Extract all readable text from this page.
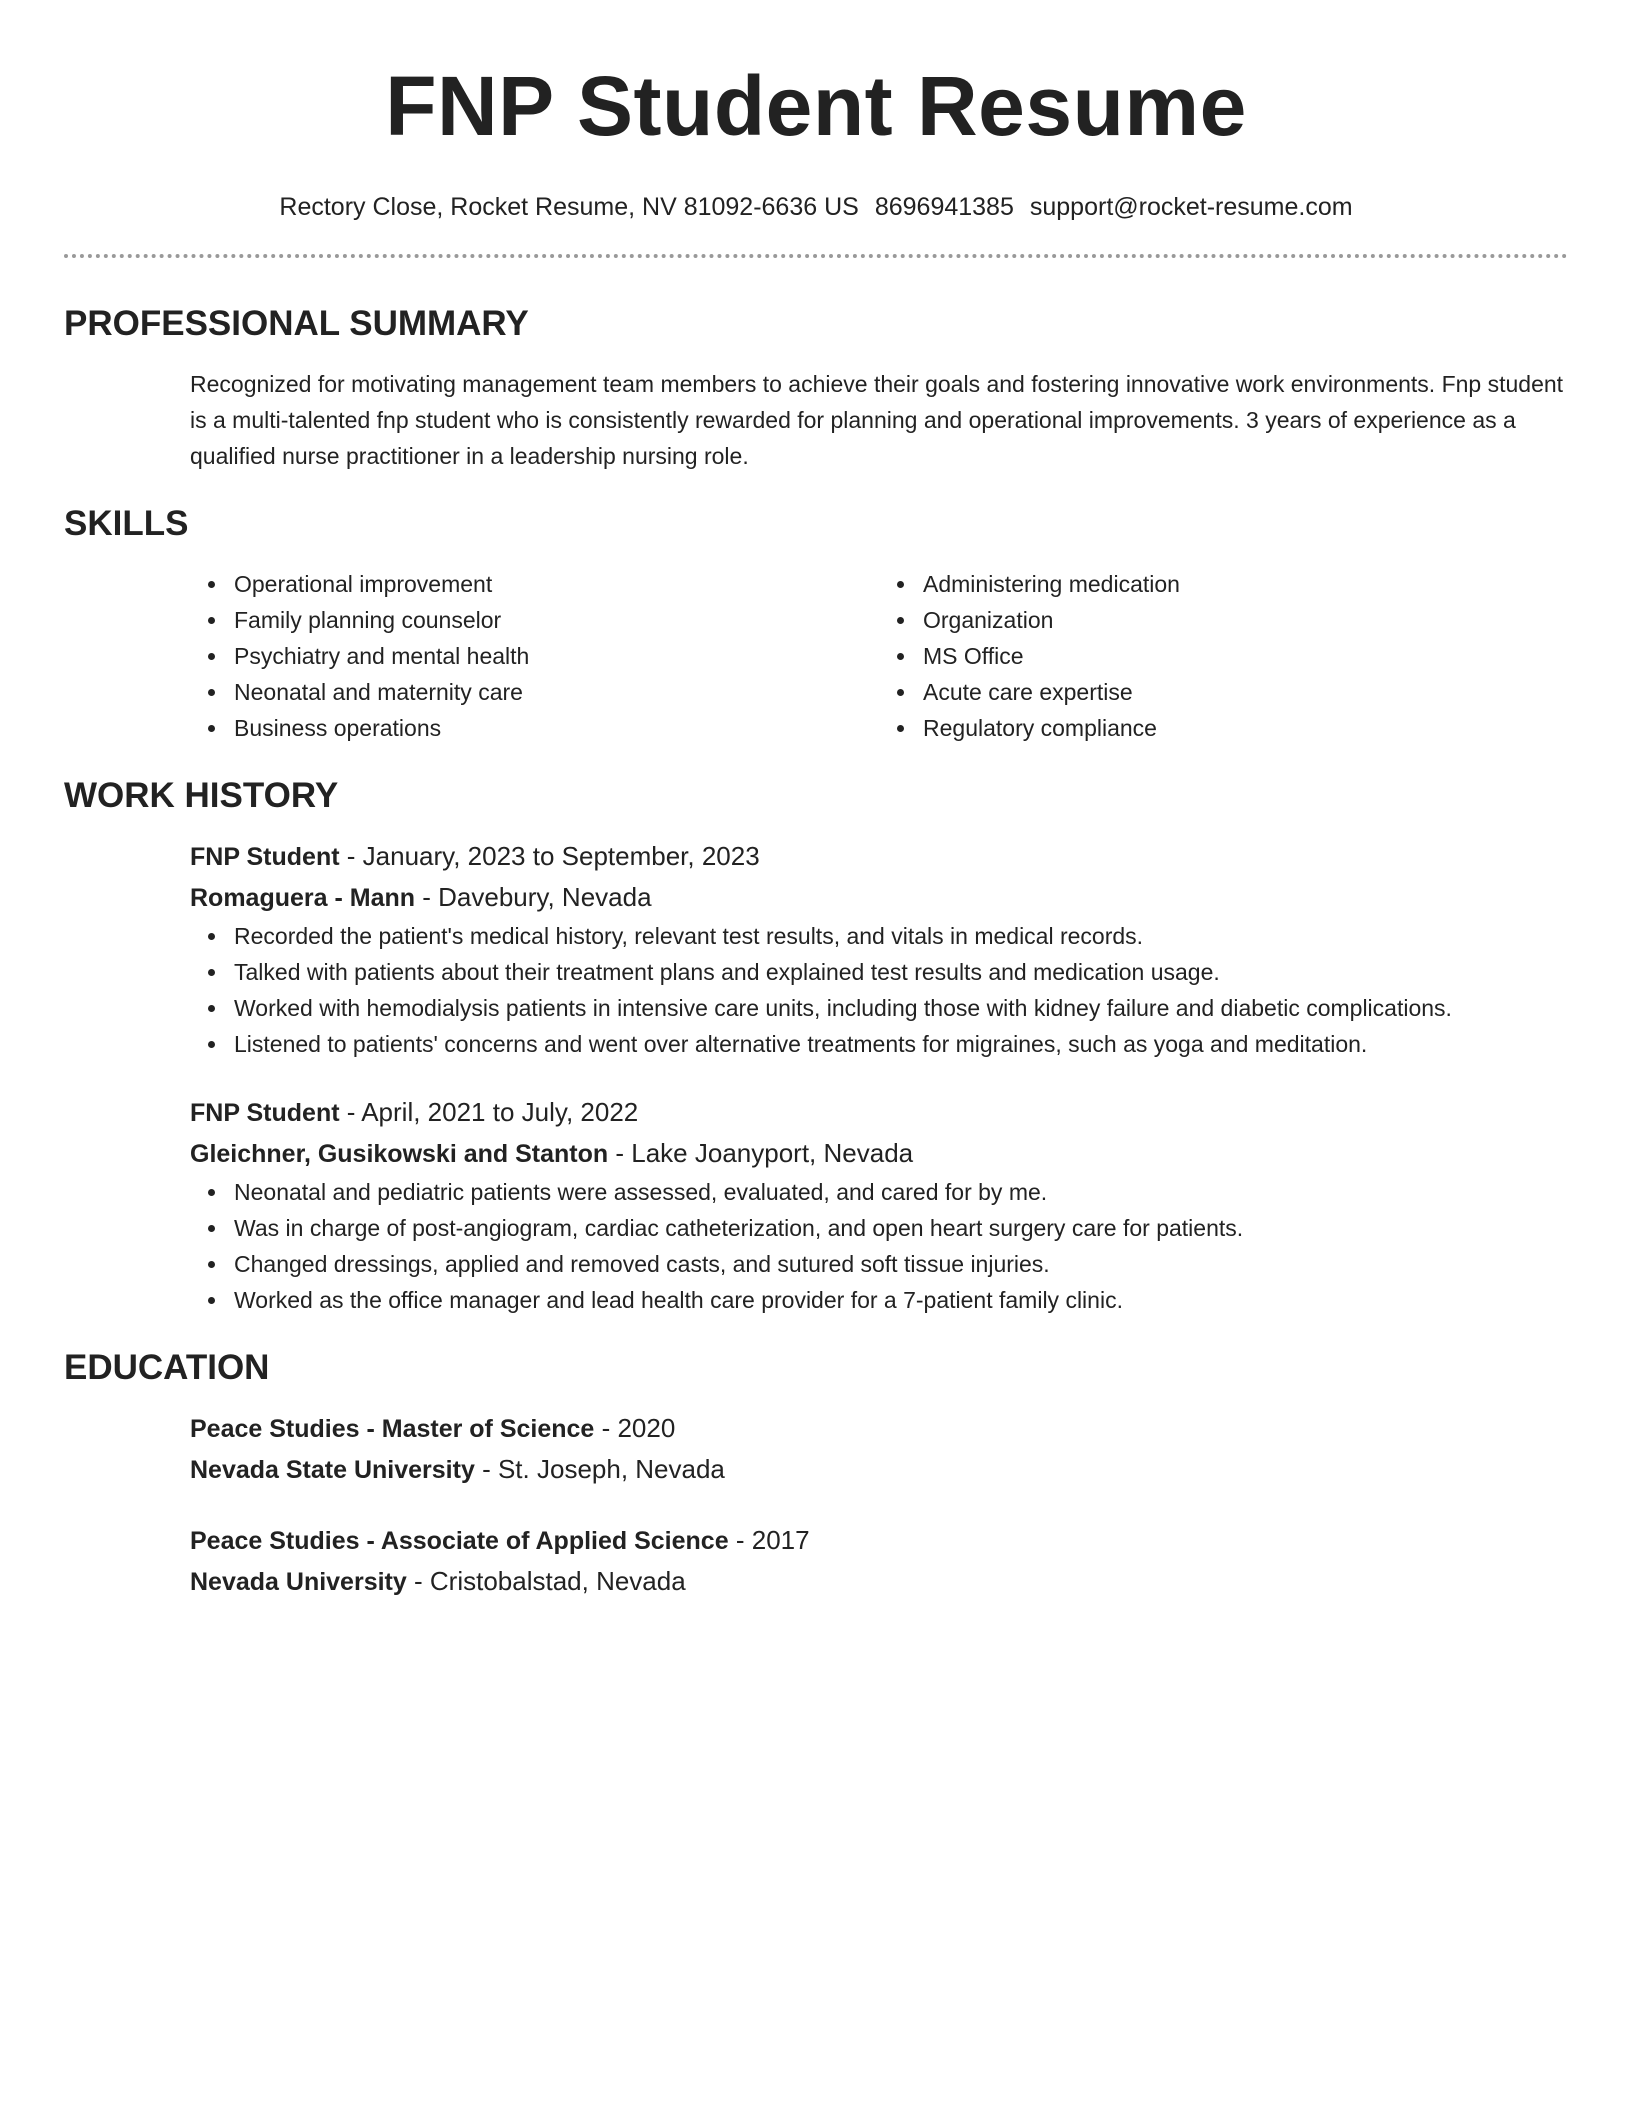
FNP Student Resume
Rectory Close, Rocket Resume, NV 81092-6636 US 8696941385 support@rocket-resume.com
PROFESSIONAL SUMMARY
Recognized for motivating management team members to achieve their goals and fostering innovative work environments. Fnp student is a multi-talented fnp student who is consistently rewarded for planning and operational improvements. 3 years of experience as a qualified nurse practitioner in a leadership nursing role.
SKILLS
Operational improvement
Family planning counselor
Psychiatry and mental health
Neonatal and maternity care
Business operations
Administering medication
Organization
MS Office
Acute care expertise
Regulatory compliance
WORK HISTORY
FNP Student - January, 2023 to September, 2023
Romaguera - Mann - Davebury, Nevada
Recorded the patient's medical history, relevant test results, and vitals in medical records.
Talked with patients about their treatment plans and explained test results and medication usage.
Worked with hemodialysis patients in intensive care units, including those with kidney failure and diabetic complications.
Listened to patients' concerns and went over alternative treatments for migraines, such as yoga and meditation.
FNP Student - April, 2021 to July, 2022
Gleichner, Gusikowski and Stanton - Lake Joanyport, Nevada
Neonatal and pediatric patients were assessed, evaluated, and cared for by me.
Was in charge of post-angiogram, cardiac catheterization, and open heart surgery care for patients.
Changed dressings, applied and removed casts, and sutured soft tissue injuries.
Worked as the office manager and lead health care provider for a 7-patient family clinic.
EDUCATION
Peace Studies - Master of Science - 2020
Nevada State University - St. Joseph, Nevada
Peace Studies - Associate of Applied Science - 2017
Nevada University - Cristobalstad, Nevada
